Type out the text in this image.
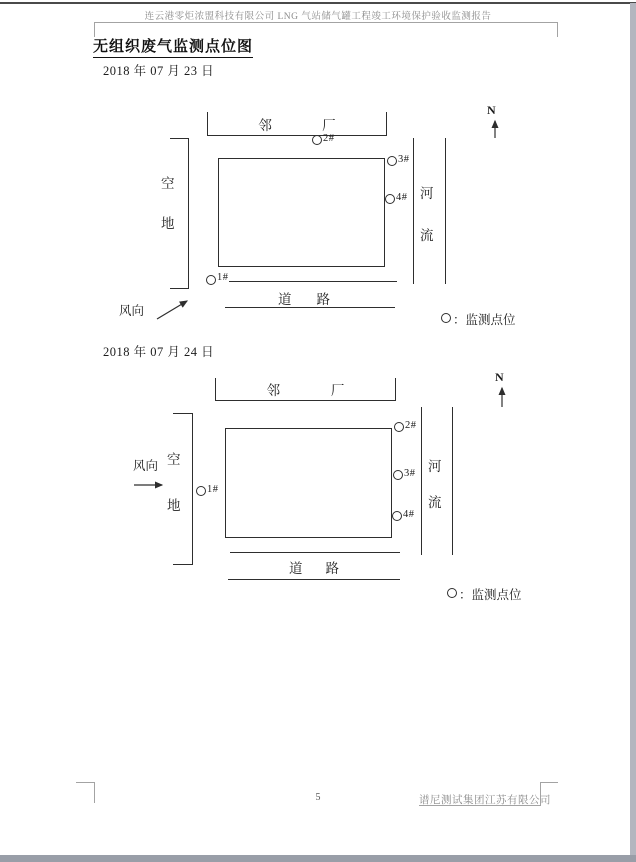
连云港零炬浓盟科技有限公司 LNG 气站储气罐工程竣工环境保护验收监测报告
无组织废气监测点位图
2018 年 07 月 23 日
邻	厂
2#
3#
4#
1#
空
地
河
流
道 路
风向
N
：监测点位
2018 年 07 月 24 日
邻	厂
2#
3#
4#
1#
空
地
河
流
道 路
风向
N
：监测点位
5	谱尼测试集团江苏有限公司
